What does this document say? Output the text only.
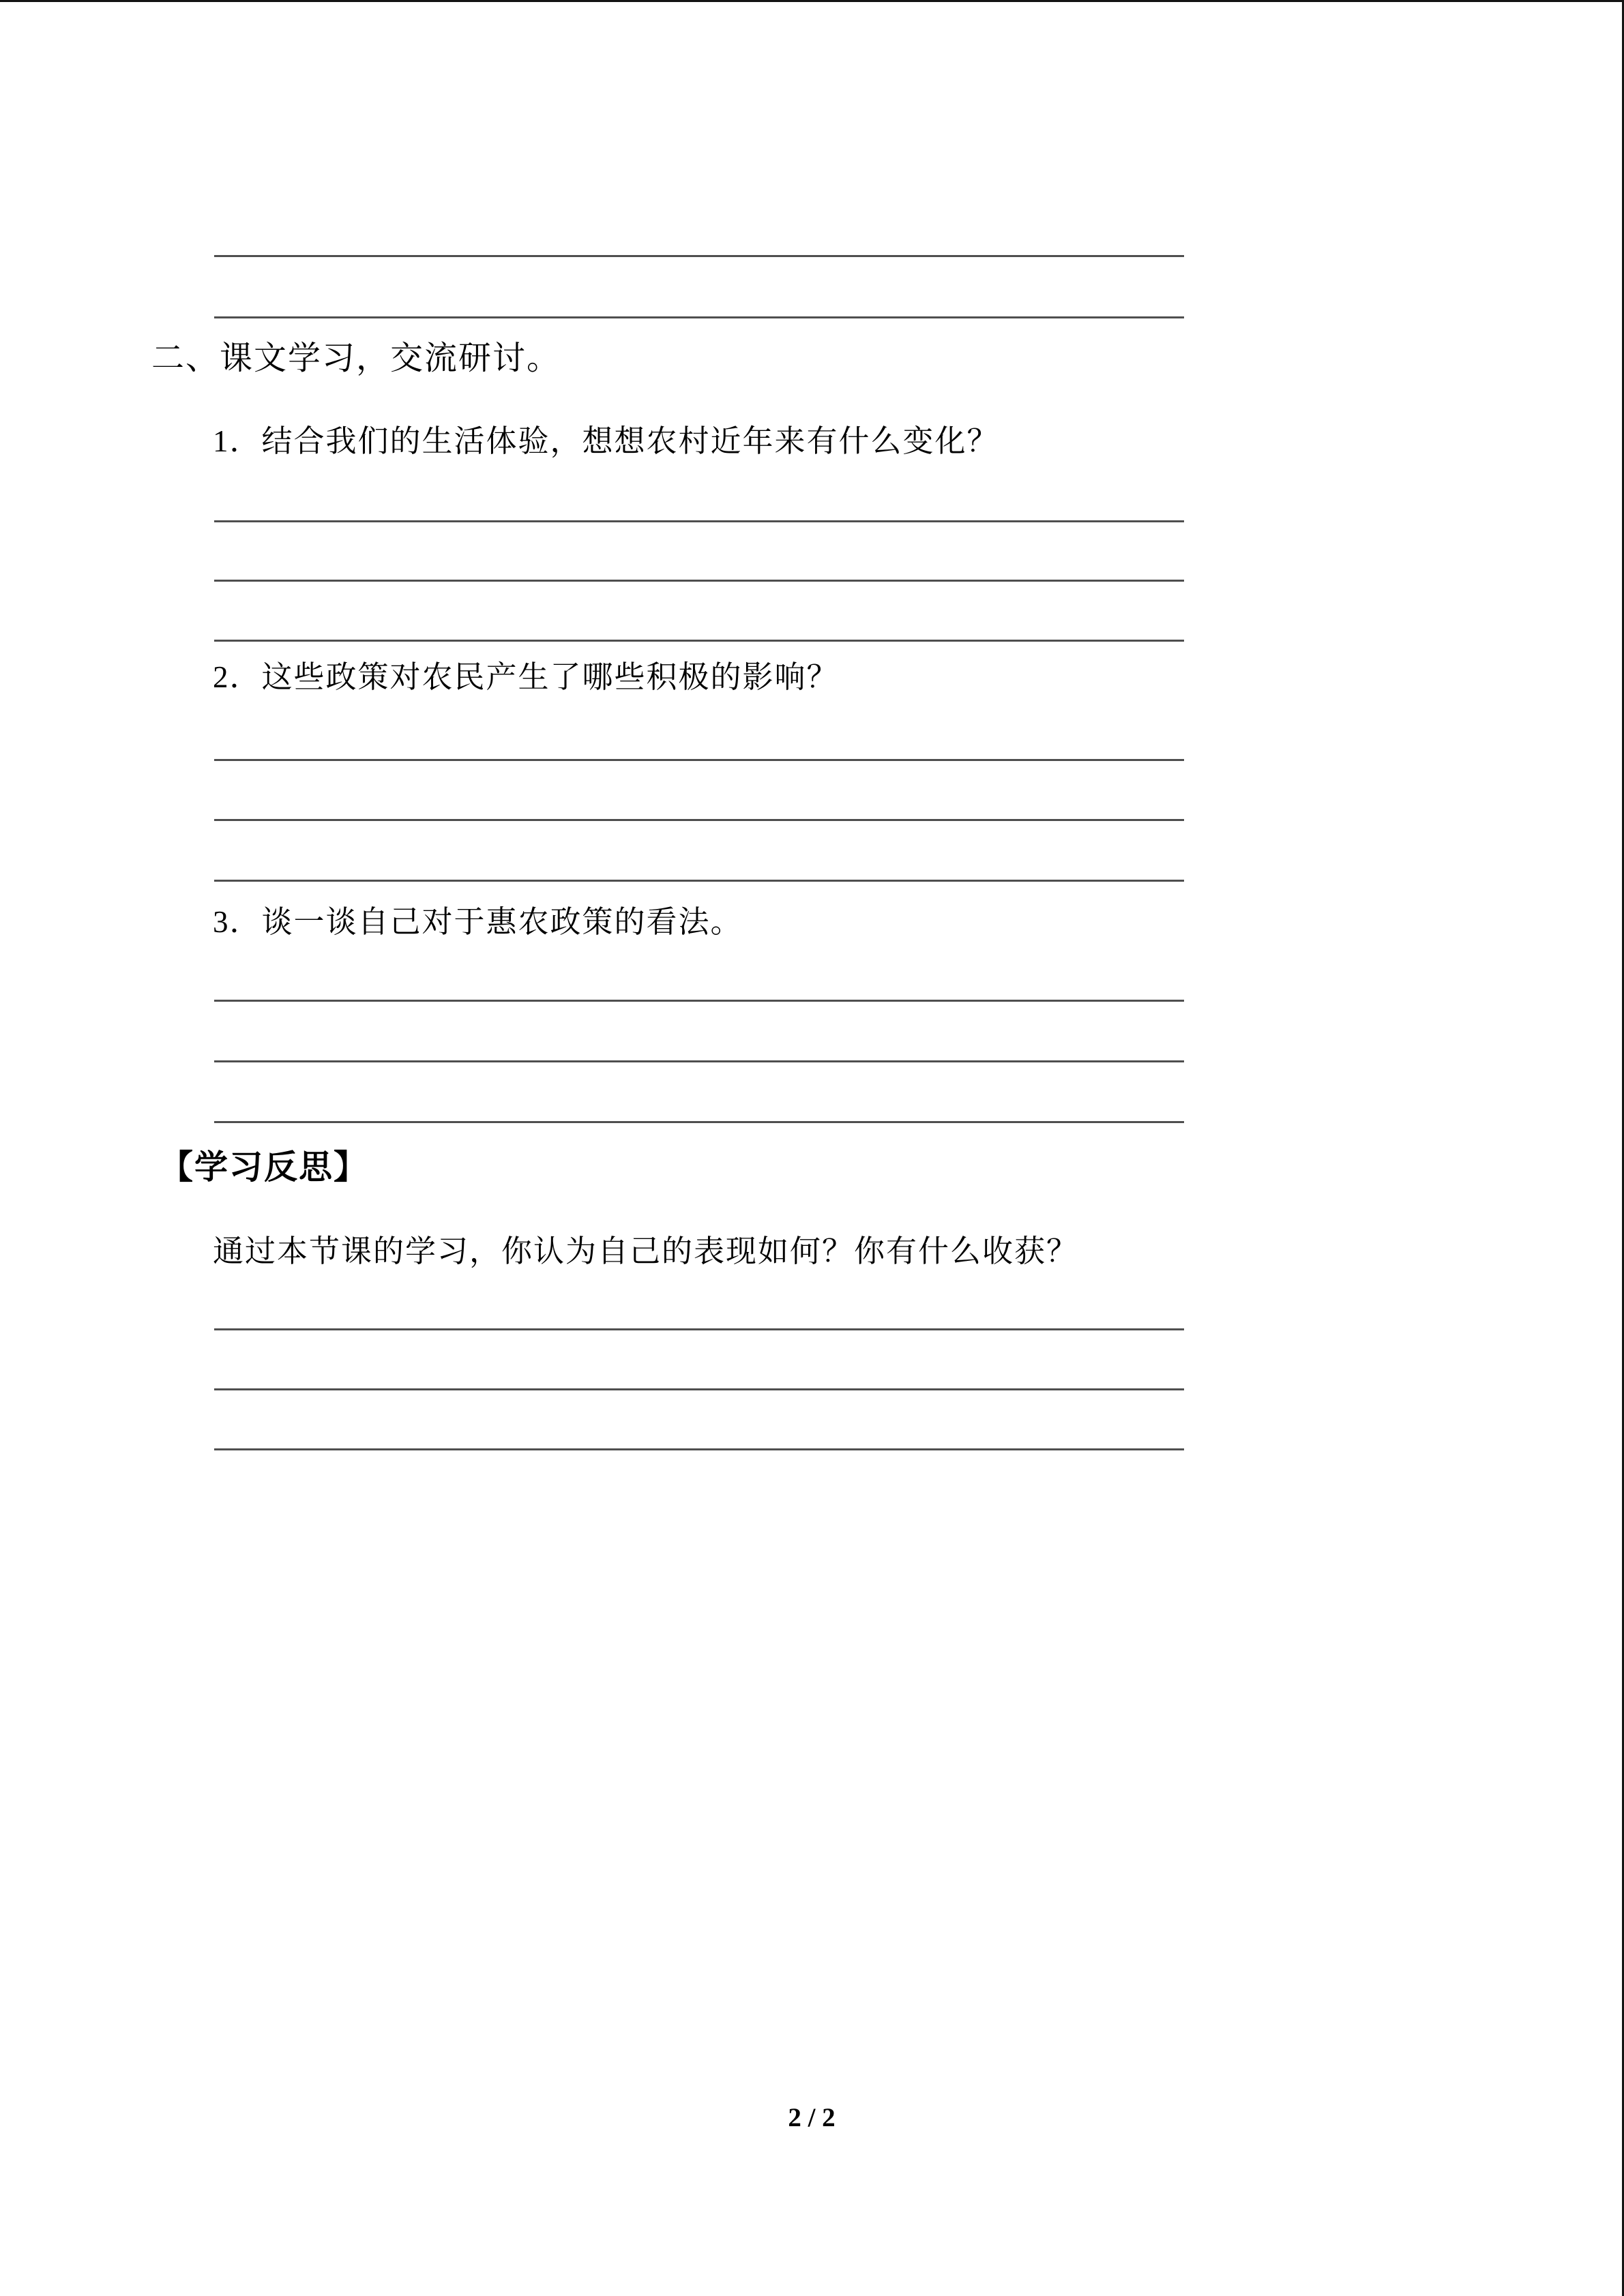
二、课文学习，交流研讨。
1．结合我们的生活体验，想想农村近年来有什么变化？
2．这些政策对农民产生了哪些积极的影响？
3．谈一谈自己对于惠农政策的看法。
【学习反思】
通过本节课的学习，你认为自己的表现如何？你有什么收获？
2 / 2
